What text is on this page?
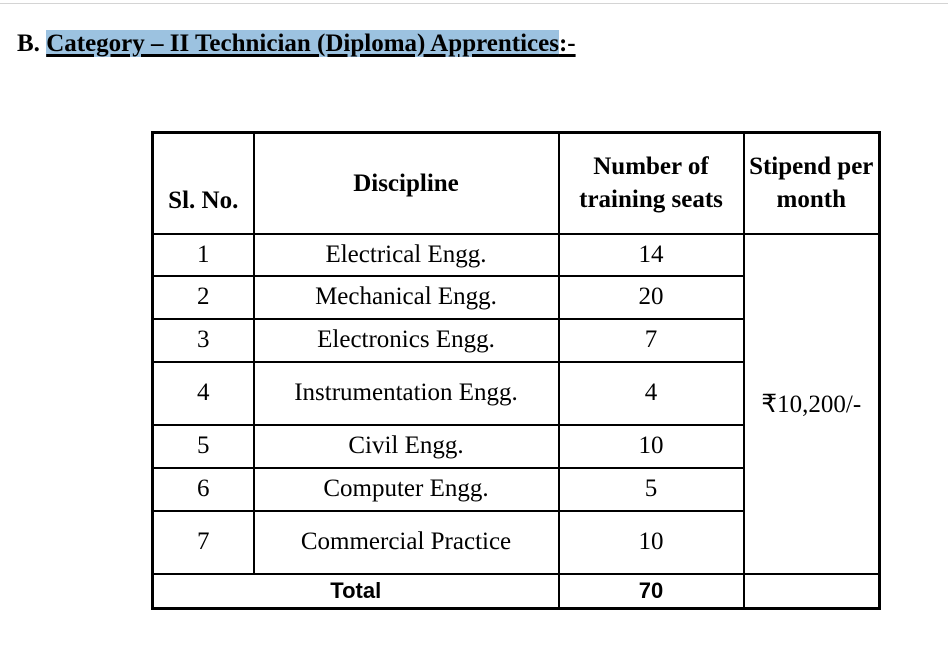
B. Category – II Technician (Diploma) Apprentices:-
Sl. No.	Discipline	Number of training seats	Stipend per month
1	Electrical Engg.	14	₹10,200/-
2	Mechanical Engg.	20	
3	Electronics Engg.	7	
4	Instrumentation Engg.	4	
5	Civil Engg.	10	
6	Computer Engg.	5	
7	Commercial Practice	10	
Total		70	
